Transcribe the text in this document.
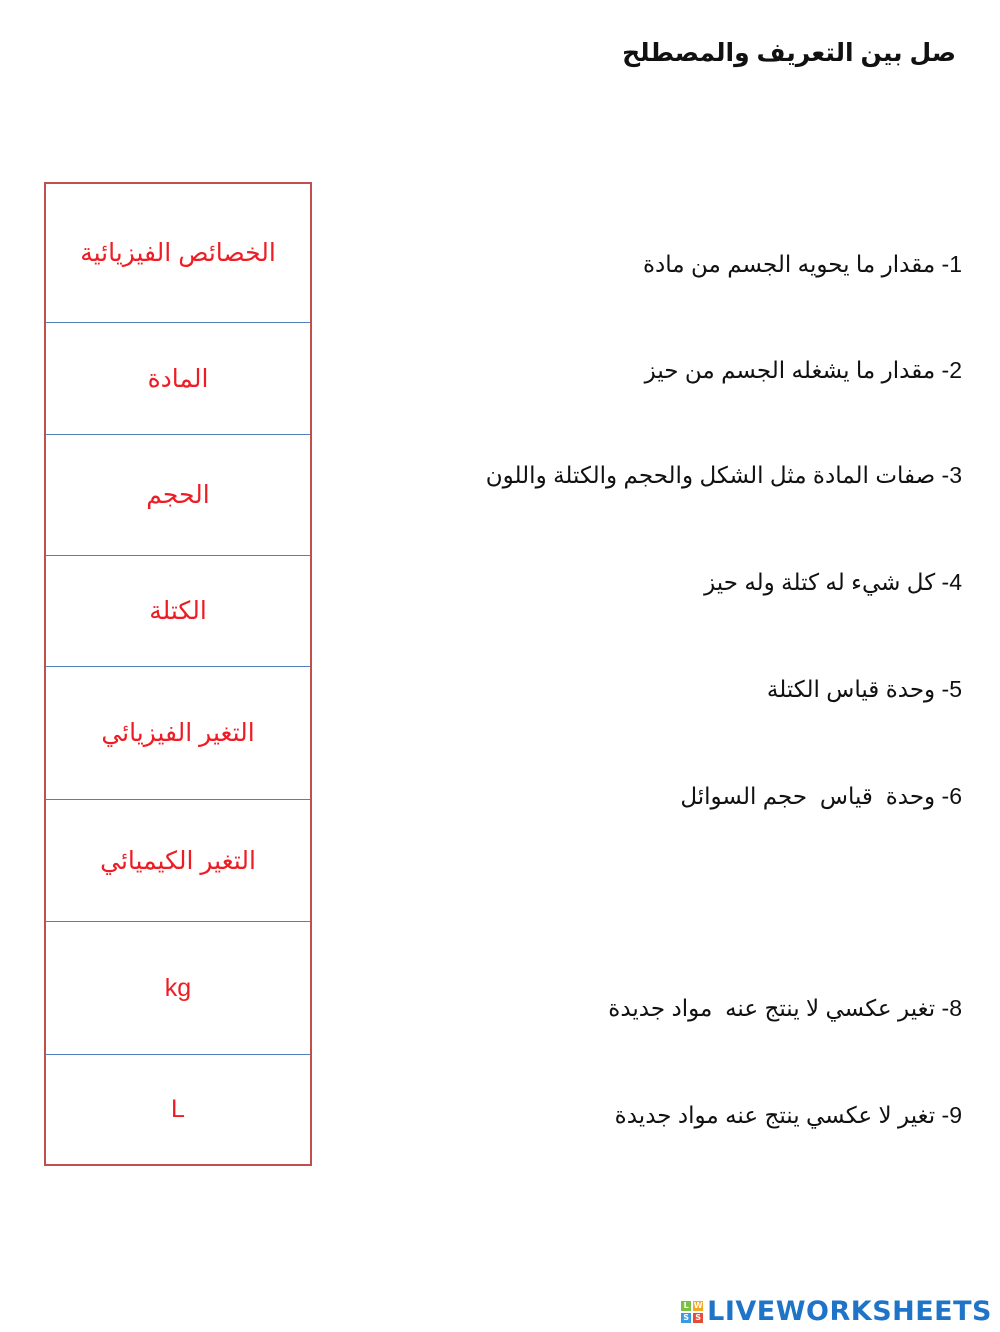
صل بين التعريف والمصطلح
الخصائص الفيزيائية
المادة
الحجم
الكتلة
التغير الفيزيائي
التغير الكيميائي
kg
L
1- مقدار ما يحويه الجسم من مادة
2- مقدار ما يشغله الجسم من حيز
3- صفات المادة مثل الشكل والحجم والكتلة واللون
4- كل شيء له كتلة وله حيز
5- وحدة قياس الكتلة
6- وحدة  قياس  حجم السوائل
8- تغير عكسي لا ينتج عنه  مواد جديدة
9- تغير لا عكسي ينتج عنه مواد جديدة
L W
S S LIVEWORKSHEETS
